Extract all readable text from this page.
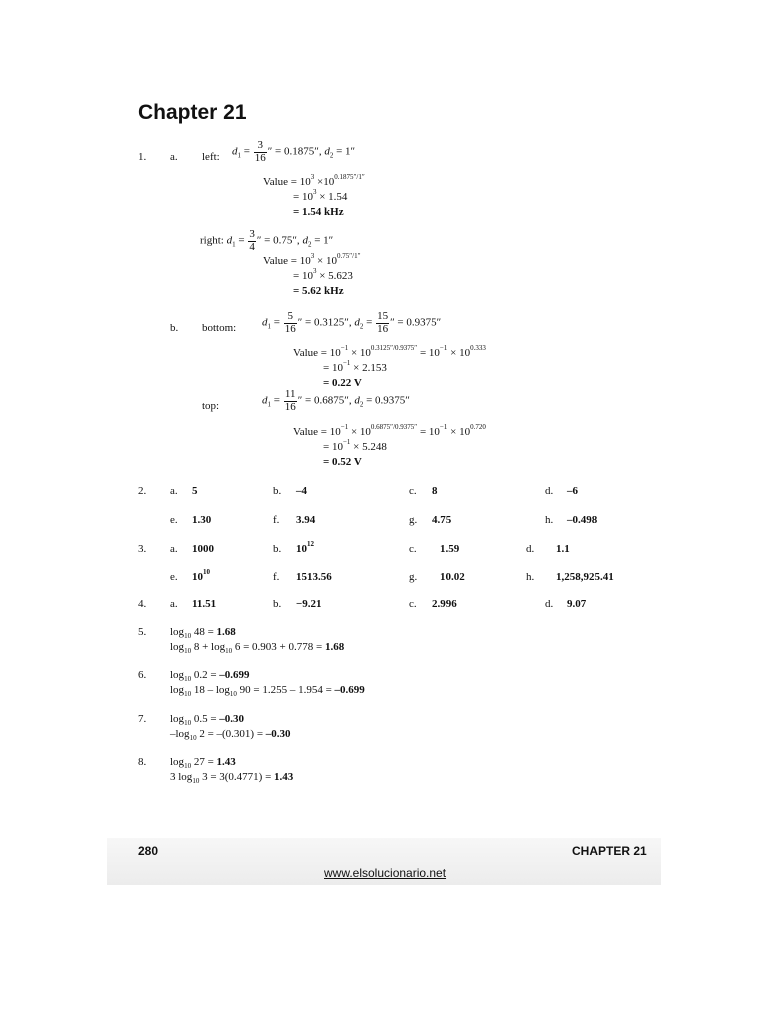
Chapter 21
1. a. left: $d_1 = \frac{3}{16}$ ″ = 0.1875″, $d_2 = 1''$
Value = $10^3 \times 10^{0.1875''/1''}$
= $10^3 \times 1.54$
= 1.54 kHz
right: $d_1 = \frac{3}{4}$ ″ = 0.75″, $d_2 = 1''$
Value = $10^3 \times 10^{0.75''/1''}$
= $10^3 \times 5.623$
= 5.62 kHz
b. bottom: $d_1 = \frac{5}{16}$ ″ = 0.3125″, $d_2 = \frac{15}{16}$ ″ = 0.9375″
Value = $10^{-1} \times 10^{0.3125''/0.9375''} = 10^{-1} \times 10^{0.333}$
= $10^{-1} \times 2.153$
= 0.22 V
top:	$d_1 = \frac{11}{16}$ ″ = 0.6875″, $d_2 = 0.9375''$
Value = $10^{-1} \times 10^{0.6875''/0.9375''} = 10^{-1} \times 10^{0.720}$
= $10^{-1} \times 5.248$
= 0.52 V
2. a. 5	b. –4	c. 8	d. –6
e. 1.30	f. 3.94	g. 4.75	h. –0.498
3. a. 1000	b. $10^{12}$	c. 1.59	d. 1.1
e. $10^{10}$	f. 1513.56	g. 10.02	h. 1,258,925.41
4. a. 11.51	b. −9.21	c. 2.996	d. 9.07
5. $\log_{10} 48 = 1.68$
$\log_{10} 8 + \log_{10} 6 = 0.903 + 0.778 = 1.68$
6. $\log_{10} 0.2 = -0.699$
$\log_{10} 18 - \log_{10} 90 = 1.255 - 1.954 = -0.699$
7. $\log_{10} 0.5 = -0.30$
$-\log_{10}$ 2 = –(0.301) = –0.30
8. $\log_{10} 27 = 1.43$
3 $\log_{10} 3 = 3(0.4771) = 1.43$
280	CHAPTER 21
www.elsolucionario.net
